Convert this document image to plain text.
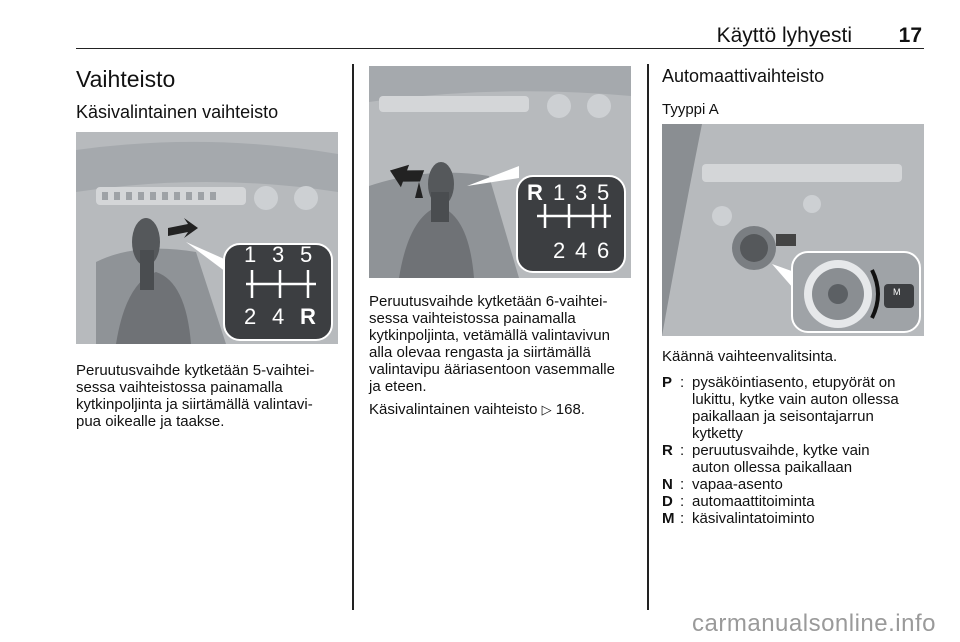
Käyttö lyhyesti 17
Vaihteisto
Käsivalintainen vaihteisto
1 3 5
2 4 R

Peruutusvaihde kytketään 5-vaihtei-

sessa vaihteistossa painamalla

kytkinpoljinta ja siirtämällä valintavi-

pua oikealle ja taakse.

R 1 3 5
2 4 6

Peruutusvaihde kytketään 6-vaihtei-

sessa vaihteistossa painamalla

kytkinpoljinta, vetämällä valintavivun

alla olevaa rengasta ja siirtämällä

valintavipu ääriasentoon vasemmalle

ja eteen.

Käsivalintainen vaihteisto ▷ 168.

Automaattivaihteisto
Tyyppi A
M

Käännä vaihteenvalitsinta.

P : pysäköintiasento, etupyörät on
lukittu, kytke vain auton ollessa
paikallaan ja seisontajarrun
kytketty
R : peruutusvaihde, kytke vain
auton ollessa paikallaan
N : vapaa-asento
D : automaattitoiminta
M : käsivalintatoiminto
carmanualsonline.info
